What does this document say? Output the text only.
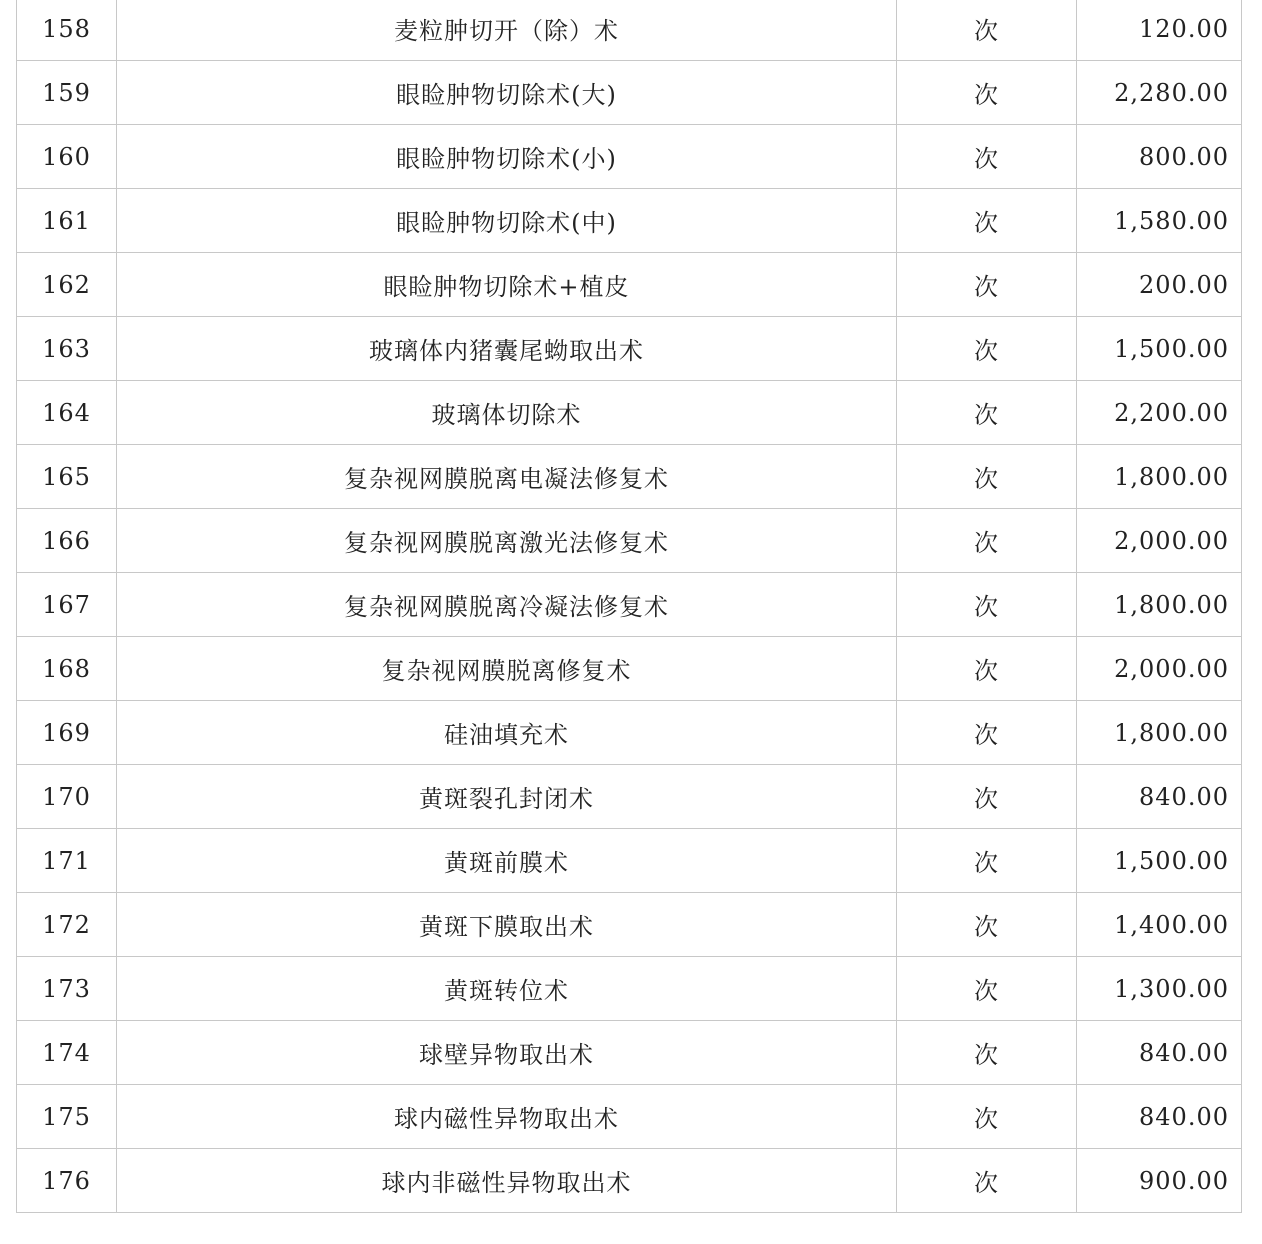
158	麦粒肿切开（除）术	次	120.00
159	眼睑肿物切除术(大)	次	2,280.00
160	眼睑肿物切除术(小)	次	800.00
161	眼睑肿物切除术(中)	次	1,580.00
162	眼睑肿物切除术+植皮	次	200.00
163	玻璃体内猪囊尾蚴取出术	次	1,500.00
164	玻璃体切除术	次	2,200.00
165	复杂视网膜脱离电凝法修复术	次	1,800.00
166	复杂视网膜脱离激光法修复术	次	2,000.00
167	复杂视网膜脱离冷凝法修复术	次	1,800.00
168	复杂视网膜脱离修复术	次	2,000.00
169	硅油填充术	次	1,800.00
170	黄斑裂孔封闭术	次	840.00
171	黄斑前膜术	次	1,500.00
172	黄斑下膜取出术	次	1,400.00
173	黄斑转位术	次	1,300.00
174	球壁异物取出术	次	840.00
175	球内磁性异物取出术	次	840.00
176	球内非磁性异物取出术	次	900.00
